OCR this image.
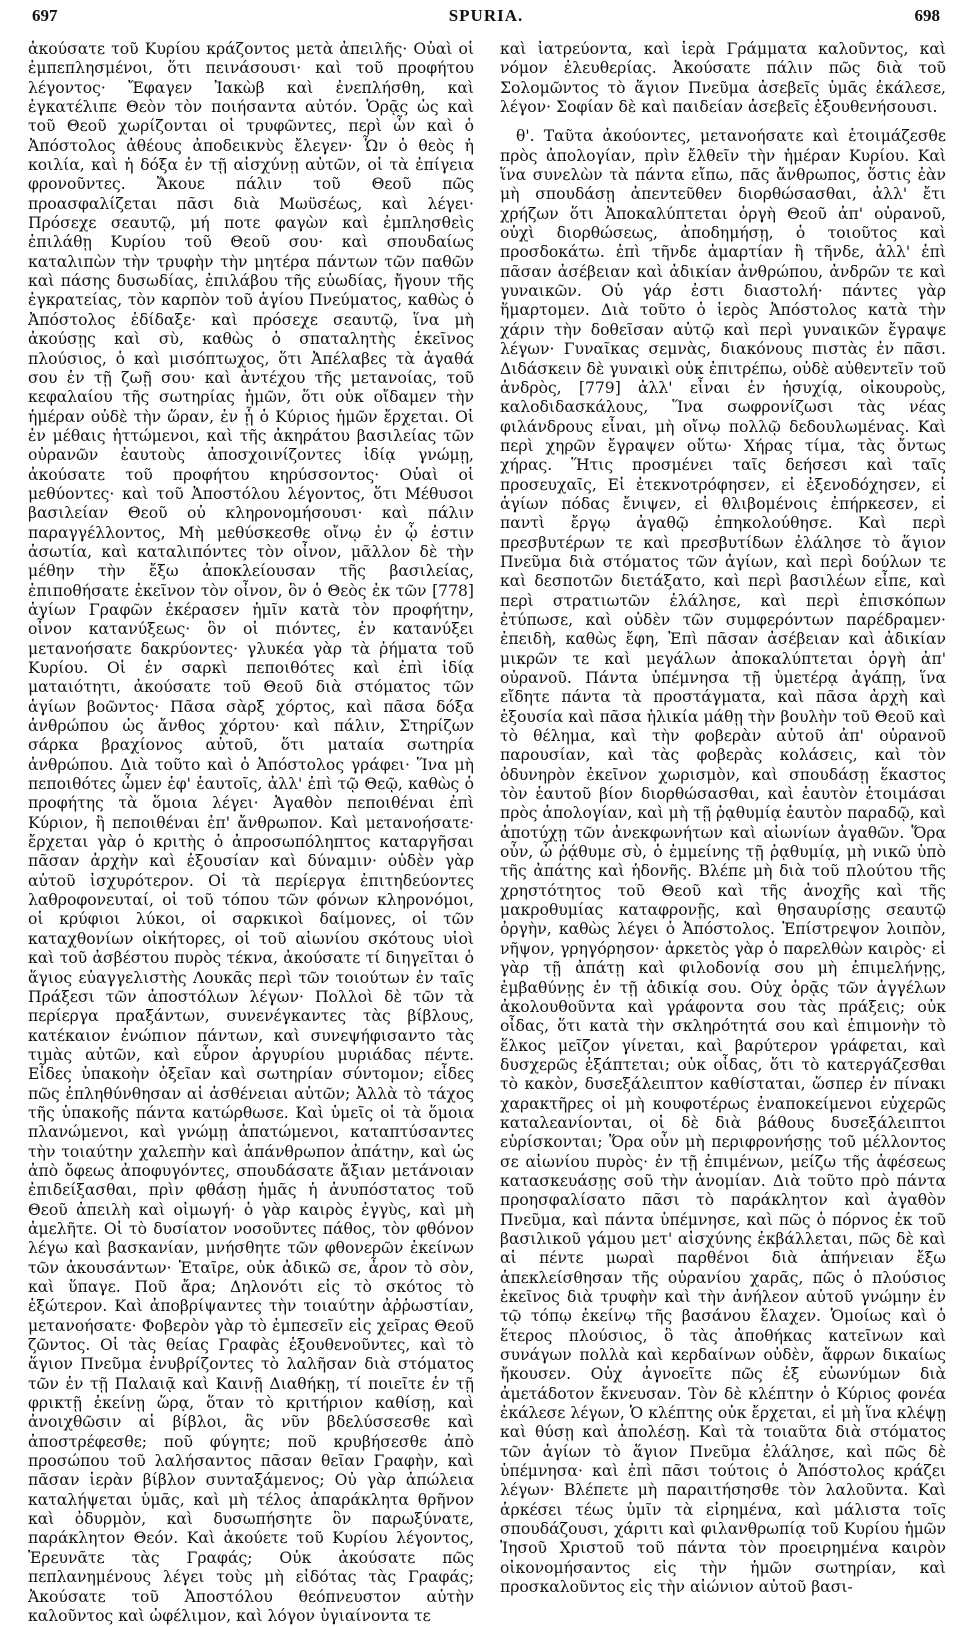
697	SPURIA.	698

ἀκούσατε τοῦ Κυρίου κράζοντος μετὰ ἀπειλῆς· Οὐαὶ οἱ ἐμπεπλησμένοι, ὅτι πεινάσουσι· καὶ τοῦ προφήτου λέγοντος· Ἔφαγεν Ἰακὼβ καὶ ἐνεπλήσθη, καὶ ἐγκατέλιπε Θεὸν τὸν ποιήσαντα αὐτόν. Ὁρᾷς ὡς καὶ τοῦ Θεοῦ χωρίζονται οἱ τρυφῶντες, περὶ ὧν καὶ ὁ Ἀπόστολος ἀθέους ἀποδεικνὺς ἔλεγεν· Ὧν ὁ θεὸς ἡ κοιλία, καὶ ἡ δόξα ἐν τῇ αἰσχύνῃ αὐτῶν, οἱ τὰ ἐπίγεια φρονοῦντες. Ἄκουε πάλιν τοῦ Θεοῦ πῶς προασφαλίζεται πᾶσι διὰ Μωϋσέως, καὶ λέγει· Πρόσεχε σεαυτῷ, μή ποτε φαγὼν καὶ ἐμπλησθεὶς ἐπιλάθῃ Κυρίου τοῦ Θεοῦ σου· καὶ σπουδαίως καταλιπὼν τὴν τρυφὴν τὴν μητέρα πάντων τῶν παθῶν καὶ πάσης δυσωδίας, ἐπιλάβου τῆς εὐωδίας, ἤγουν τῆς ἐγκρατείας, τὸν καρπὸν τοῦ ἁγίου Πνεύματος, καθὼς ὁ Ἀπόστολος ἐδίδαξε· καὶ πρόσεχε σεαυτῷ, ἵνα μὴ ἀκούσῃς καὶ σὺ, καθὼς ὁ σπαταλητὴς ἐκεῖνος πλούσιος, ὁ καὶ μισόπτωχος, ὅτι Ἀπέλαβες τὰ ἀγαθά σου ἐν τῇ ζωῇ σου· καὶ ἀντέχου τῆς μετανοίας, τοῦ κεφαλαίου τῆς σωτηρίας ἡμῶν, ὅτι οὐκ οἴδαμεν τὴν ἡμέραν οὐδὲ τὴν ὥραν, ἐν ᾗ ὁ Κύριος ἡμῶν ἔρχεται. Οἱ ἐν μέθαις ἡττώμενοι, καὶ τῆς ἀκηράτου βασιλείας τῶν οὐρανῶν ἑαυτοὺς ἀποσχοινίζοντες ἰδίᾳ γνώμῃ, ἀκούσατε τοῦ προφήτου κηρύσσοντος· Οὐαὶ οἱ μεθύοντες· καὶ τοῦ Ἀποστόλου λέγοντος, ὅτι Μέθυσοι βασιλείαν Θεοῦ οὐ κληρονομήσουσι· καὶ πάλιν παραγγέλλοντος, Μὴ μεθύσκεσθε οἴνῳ ἐν ᾧ ἐστιν ἀσωτία, καὶ καταλιπόντες τὸν οἶνον, μᾶλλον δὲ τὴν μέθην τὴν ἔξω ἀποκλείουσαν τῆς βασιλείας, ἐπιποθήσατε ἐκεῖνον τὸν οἶνον, ὃν ὁ Θεὸς ἐκ τῶν [778] ἁγίων Γραφῶν ἐκέρασεν ἡμῖν κατὰ τὸν προφήτην, οἶνον κατανύξεως· ὃν οἱ πιόντες, ἐν κατανύξει μετανοήσατε δακρύοντες· γλυκέα γὰρ τὰ ῥήματα τοῦ Κυρίου. Οἱ ἐν σαρκὶ πεποιθότες καὶ ἐπὶ ἰδίᾳ ματαιότητι, ἀκούσατε τοῦ Θεοῦ διὰ στόματος τῶν ἁγίων βοῶντος· Πᾶσα σὰρξ χόρτος, καὶ πᾶσα δόξα ἀνθρώπου ὡς ἄνθος χόρτου· καὶ πάλιν, Στηρίζων σάρκα βραχίονος αὐτοῦ, ὅτι ματαία σωτηρία ἀνθρώπου. Διὰ τοῦτο καὶ ὁ Ἀπόστολος γράφει· Ἵνα μὴ πεποιθότες ὦμεν ἐφ' ἑαυτοῖς, ἀλλ' ἐπὶ τῷ Θεῷ, καθὼς ὁ προφήτης τὰ ὅμοια λέγει· Ἀγαθὸν πεποιθέναι ἐπὶ Κύριον, ἢ πεποιθέναι ἐπ' ἄνθρωπον. Καὶ μετανοήσατε· ἔρχεται γὰρ ὁ κριτὴς ὁ ἀπροσωπόληπτος καταργῆσαι πᾶσαν ἀρχὴν καὶ ἐξουσίαν καὶ δύναμιν· οὐδὲν γὰρ αὐτοῦ ἰσχυρότερον. Οἱ τὰ περίεργα ἐπιτηδεύοντες λαθροφονευταί, οἱ τοῦ τόπου τῶν φόνων κληρονόμοι, οἱ κρύφιοι λύκοι, οἱ σαρκικοὶ δαίμονες, οἱ τῶν καταχθονίων οἰκήτορες, οἱ τοῦ αἰωνίου σκότους υἱοὶ καὶ τοῦ ἀσβέστου πυρὸς τέκνα, ἀκούσατε τί διηγεῖται ὁ ἅγιος εὐαγγελιστὴς Λουκᾶς περὶ τῶν τοιούτων ἐν ταῖς Πράξεσι τῶν ἀποστόλων λέγων· Πολλοὶ δὲ τῶν τὰ περίεργα πραξάντων, συνενέγκαντες τὰς βίβλους, κατέκαιον ἐνώπιον πάντων, καὶ συνεψήφισαντο τὰς τιμὰς αὐτῶν, καὶ εὗρον ἀργυρίου μυριάδας πέντε. Εἶδες ὑπακοὴν ὀξεῖαν καὶ σωτηρίαν σύντομον; εἶδες πῶς ἐπληθύνθησαν αἱ ἀσθένειαι αὐτῶν; Ἀλλὰ τὸ τάχος τῆς ὑπακοῆς πάντα κατώρθωσε. Καὶ ὑμεῖς οἱ τὰ ὅμοια πλανώμενοι, καὶ γνώμῃ ἀπατώμενοι, καταπτύσαντες τὴν τοιαύτην χαλεπὴν καὶ ἀπάνθρωπον ἀπάτην, καὶ ὡς ἀπὸ ὄφεως ἀποφυγόντες, σπουδάσατε ἄξιαν μετάνοιαν ἐπιδείξασθαι, πρὶν φθάσῃ ἡμᾶς ἡ ἀνυπόστατος τοῦ Θεοῦ ἀπειλὴ καὶ οἰμωγή· ὁ γὰρ καιρὸς ἐγγὺς, καὶ μὴ ἀμελῆτε. Οἱ τὸ δυσίατον νοσοῦντες πάθος, τὸν φθόνον λέγω καὶ βασκανίαν, μνήσθητε τῶν φθονερῶν ἐκείνων τῶν ἀκουσάντων· Ἑταῖρε, οὐκ ἀδικῶ σε, ἆρον τὸ σὸν, καὶ ὕπαγε. Ποῦ ἄρα; Δηλονότι εἰς τὸ σκότος τὸ ἐξώτερον. Καὶ ἀποβρίψαντες τὴν τοιαύτην ἀῤῥωστίαν, μετανοήσατε· Φοβερὸν γὰρ τὸ ἐμπεσεῖν εἰς χεῖρας Θεοῦ ζῶντος. Οἱ τὰς θείας Γραφὰς ἐξουθενοῦντες, καὶ τὸ ἅγιον Πνεῦμα ἐνυβρίζοντες τὸ λαλῆσαν διὰ στόματος τῶν ἐν τῇ Παλαιᾷ καὶ Καινῇ Διαθήκῃ, τί ποιεῖτε ἐν τῇ φρικτῇ ἐκείνῃ ὥρᾳ, ὅταν τὸ κριτήριον καθίσῃ, καὶ ἀνοιχθῶσιν αἱ βίβλοι, ἃς νῦν βδελύσσεσθε καὶ ἀποστρέφεσθε; ποῦ φύγητε; ποῦ κρυβήσεσθε ἀπὸ προσώπου τοῦ λαλήσαντος πᾶσαν θεῖαν Γραφὴν, καὶ πᾶσαν ἱερὰν βίβλον συνταξάμενος; Οὐ γὰρ ἀπώλεια καταλήψεται ὑμᾶς, καὶ μὴ τέλος ἀπαράκλητα θρῆνον καὶ ὀδυρμὸν, καὶ δυσωπήσητε ὃν παρωξύνατε, παράκλητον Θεόν. Καὶ ἀκούετε τοῦ Κυρίου λέγοντος, Ἐρευνᾶτε τὰς Γραφάς; Οὐκ ἀκούσατε πῶς πεπλανημένους λέγει τοὺς μὴ εἰδότας τὰς Γραφάς; Ἀκούσατε τοῦ Ἀποστόλου θεόπνευστον αὐτὴν καλοῦντος καὶ ὠφέλιμον, καὶ λόγον ὑγιαίνοντα τε

καὶ ἰατρεύοντα, καὶ ἱερὰ Γράμματα καλοῦντος, καὶ νόμον ἐλευθερίας. Ἀκούσατε πάλιν πῶς διὰ τοῦ Σολομῶντος τὸ ἅγιον Πνεῦμα ἀσεβεῖς ὑμᾶς ἐκάλεσε, λέγον· Σοφίαν δὲ καὶ παιδείαν ἀσεβεῖς ἐξουθενήσουσι.

θ'. Ταῦτα ἀκούοντες, μετανοήσατε καὶ ἑτοιμάζεσθε πρὸς ἀπολογίαν, πρὶν ἔλθεῖν τὴν ἡμέραν Κυρίου. Καὶ ἵνα συνελὼν τὰ πάντα εἴπω, πᾶς ἄνθρωπος, ὅστις ἐὰν μὴ σπουδάσῃ ἀπεντεῦθεν διορθώσασθαι, ἀλλ' ἔτι χρήζων ὅτι Ἀποκαλύπτεται ὀργὴ Θεοῦ ἀπ' οὐρανοῦ, οὐχὶ διορθώσεως, ἀποδημήσῃ, ὁ τοιοῦτος καὶ προσδοκάτω. ἐπὶ τῆνδε ἁμαρτίαν ἢ τῆνδε, ἀλλ' ἐπὶ πᾶσαν ἀσέβειαν καὶ ἀδικίαν ἀνθρώπου, ἀνδρῶν τε καὶ γυναικῶν. Οὐ γάρ ἐστι διαστολή· πάντες γὰρ ἥμαρτομεν. Διὰ τοῦτο ὁ ἱερὸς Ἀπόστολος κατὰ τὴν χάριν τὴν δοθεῖσαν αὐτῷ καὶ περὶ γυναικῶν ἔγραψε λέγων· Γυναῖκας σεμνὰς, διακόνους πιστὰς ἐν πᾶσι. Διδάσκειν δὲ γυναικὶ οὐκ ἐπιτρέπω, οὐδὲ αὐθεντεῖν τοῦ ἀνδρὸς, [779] ἀλλ' εἶναι ἐν ἡσυχίᾳ, οἰκουροὺς, καλοδιδασκάλους, Ἵνα σωφρονίζωσι τὰς νέας φιλάνδρους εἶναι, μὴ οἴνῳ πολλῷ δεδουλωμένας. Καὶ περὶ χηρῶν ἔγραψεν οὕτω· Χήρας τίμα, τὰς ὄντως χήρας. Ἥτις προσμένει ταῖς δεήσεσι καὶ ταῖς προσευχαῖς, Εἰ ἐτεκνοτρόφησεν, εἰ ἐξενοδόχησεν, εἰ ἁγίων πόδας ἔνιψεν, εἰ θλιβομένοις ἐπήρκεσεν, εἰ παντὶ ἔργῳ ἀγαθῷ ἐπηκολούθησε. Καὶ περὶ πρεσβυτέρων τε καὶ πρεσβυτίδων ἐλάλησε τὸ ἅγιον Πνεῦμα διὰ στόματος τῶν ἁγίων, καὶ περὶ δούλων τε καὶ δεσποτῶν διετάξατο, καὶ περὶ βασιλέων εἶπε, καὶ περὶ στρατιωτῶν ἐλάλησε, καὶ περὶ ἐπισκόπων ἐτύπωσε, καὶ οὐδὲν τῶν συμφερόντων παρέδραμεν· ἐπειδὴ, καθὼς ἔφη, Ἐπὶ πᾶσαν ἀσέβειαν καὶ ἀδικίαν μικρῶν τε καὶ μεγάλων ἀποκαλύπτεται ὀργὴ ἀπ' οὐρανοῦ. Πάντα ὑπέμνησα τῇ ὑμετέρᾳ ἀγάπῃ, ἵνα εἴδητε πάντα τὰ προστάγματα, καὶ πᾶσα ἀρχὴ καὶ ἐξουσία καὶ πᾶσα ἡλικία μάθῃ τὴν βουλὴν τοῦ Θεοῦ καὶ τὸ θέλημα, καὶ τὴν φοβερὰν αὐτοῦ ἀπ' οὐρανοῦ παρουσίαν, καὶ τὰς φοβερὰς κολάσεις, καὶ τὸν ὀδυνηρὸν ἐκεῖνον χωρισμὸν, καὶ σπουδάσῃ ἕκαστος τὸν ἑαυτοῦ βίον διορθώσασθαι, καὶ ἑαυτὸν ἑτοιμάσαι πρὸς ἀπολογίαν, καὶ μὴ τῇ ῥᾳθυμίᾳ ἑαυτὸν παραδῷ, καὶ ἀποτύχῃ τῶν ἀνεκφωνήτων καὶ αἰωνίων ἀγαθῶν. Ὅρα οὖν, ὦ ῥᾴθυμε σὺ, ὁ ἐμμείνης τῇ ῥᾳθυμίᾳ, μὴ νικῶ ὑπὸ τῆς ἀπάτης καὶ ἡδονῆς. Βλέπε μὴ διὰ τοῦ πλούτου τῆς χρηστότητος τοῦ Θεοῦ καὶ τῆς ἀνοχῆς καὶ τῆς μακροθυμίας καταφρονῇς, καὶ θησαυρίσῃς σεαυτῷ ὀργὴν, καθὼς λέγει ὁ Ἀπόστολος. Ἐπίστρεψον λοιπὸν, νῆψον, γρηγόρησον· ἀρκετὸς γὰρ ὁ παρελθὼν καιρὸς· εἰ γὰρ τῇ ἀπάτῃ καὶ φιλοδονίᾳ σου μὴ ἐπιμελήνῃς, ἐμβαθύνῃς ἐν τῇ ἀδικίᾳ σου. Οὐχ ὁρᾷς τῶν ἀγγέλων ἀκολουθοῦντα καὶ γράφοντα σου τὰς πράξεις; οὐκ οἶδας, ὅτι κατὰ τὴν σκληρότητά σου καὶ ἐπιμονὴν τὸ ἕλκος μεῖζον γίνεται, καὶ βαρύτερον γράφεται, καὶ δυσχερῶς ἐξάπτεται; οὐκ οἶδας, ὅτι τὸ κατεργάζεσθαι τὸ κακὸν, δυσεξάλειπτον καθίσταται, ὥσπερ ἐν πίνακι χαρακτῆρες οἱ μὴ κουφοτέρως ἐναποκείμενοι εὐχερῶς καταλεανίονται, οἱ δὲ διὰ βάθους δυσεξάλειπτοι εὑρίσκονται; Ὅρα οὖν μὴ περιφρονήσῃς τοῦ μέλλοντος σε αἰωνίου πυρὸς· ἐν τῇ ἐπιμένων, μείζω τῆς ἀφέσεως κατασκευάσῃς σοῦ τὴν ἀνομίαν. Διὰ τοῦτο πρὸ πάντα προησφαλίσατο πᾶσι τὸ παράκλητον καὶ ἀγαθὸν Πνεῦμα, καὶ πάντα ὑπέμνησε, καὶ πῶς ὁ πόρνος ἐκ τοῦ βασιλικοῦ γάμου μετ' αἰσχύνης ἐκβάλλεται, πῶς δὲ καὶ αἱ πέντε μωραὶ παρθένοι διὰ ἀπήνειαν ἔξω ἀπεκλείσθησαν τῆς οὐρανίου χαρᾶς, πῶς ὁ πλούσιος ἐκεῖνος διὰ τρυφὴν καὶ τὴν ἀνήλεον αὐτοῦ γνώμην ἐν τῷ τόπῳ ἐκείνῳ τῆς βασάνου ἔλαχεν. Ὁμοίως καὶ ὁ ἕτερος πλούσιος, ὃ τὰς ἀποθήκας κατεῖνων καὶ συνάγων πολλὰ καὶ κερδαίνων οὐδὲν, ἄφρων δικαίως ἤκουσεν. Οὐχ ἀγνοεῖτε πῶς ἐξ εὐωνύμων διὰ ἀμετάδοτον ἔκνευσαν. Τὸν δὲ κλέπτην ὁ Κύριος φονέα ἐκάλεσε λέγων, Ὁ κλέπτης οὐκ ἔρχεται, εἰ μὴ ἵνα κλέψῃ καὶ θύσῃ καὶ ἀπολέσῃ. Καὶ τὰ τοιαῦτα διὰ στόματος τῶν ἁγίων τὸ ἅγιον Πνεῦμα ἐλάλησε, καὶ πῶς δὲ ὑπέμνησα· καὶ ἐπὶ πᾶσι τούτοις ὁ Ἀπόστολος κράζει λέγων· Βλέπετε μὴ παραιτήσησθε τὸν λαλοῦντα. Καὶ ἀρκέσει τέως ὑμῖν τὰ εἰρημένα, καὶ μάλιστα τοῖς σπουδάζουσι, χάριτι καὶ φιλανθρωπίᾳ τοῦ Κυρίου ἡμῶν Ἰησοῦ Χριστοῦ τοῦ πάντα τὸν προειρημένα καιρὸν οἰκονομήσαντος εἰς τὴν ἡμῶν σωτηρίαν, καὶ προσκαλοῦντος εἰς τὴν αἰώνιον αὐτοῦ βασι-
